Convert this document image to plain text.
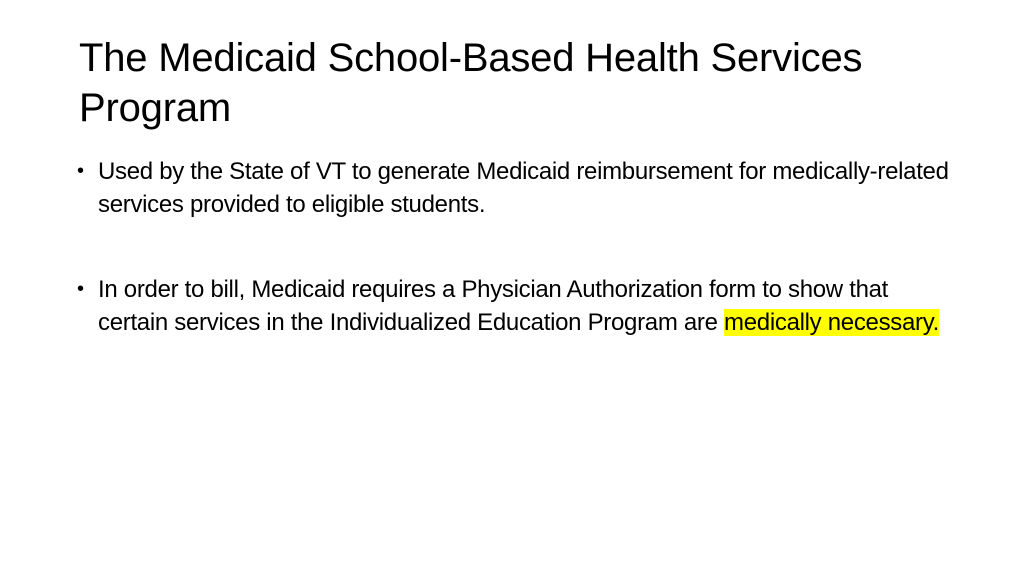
The Medicaid School-Based Health Services Program
• Used by the State of VT to generate Medicaid reimbursement for medically-related services provided to eligible students.
• In order to bill, Medicaid requires a Physician Authorization form to show that certain services in the Individualized Education Program are medically necessary.
